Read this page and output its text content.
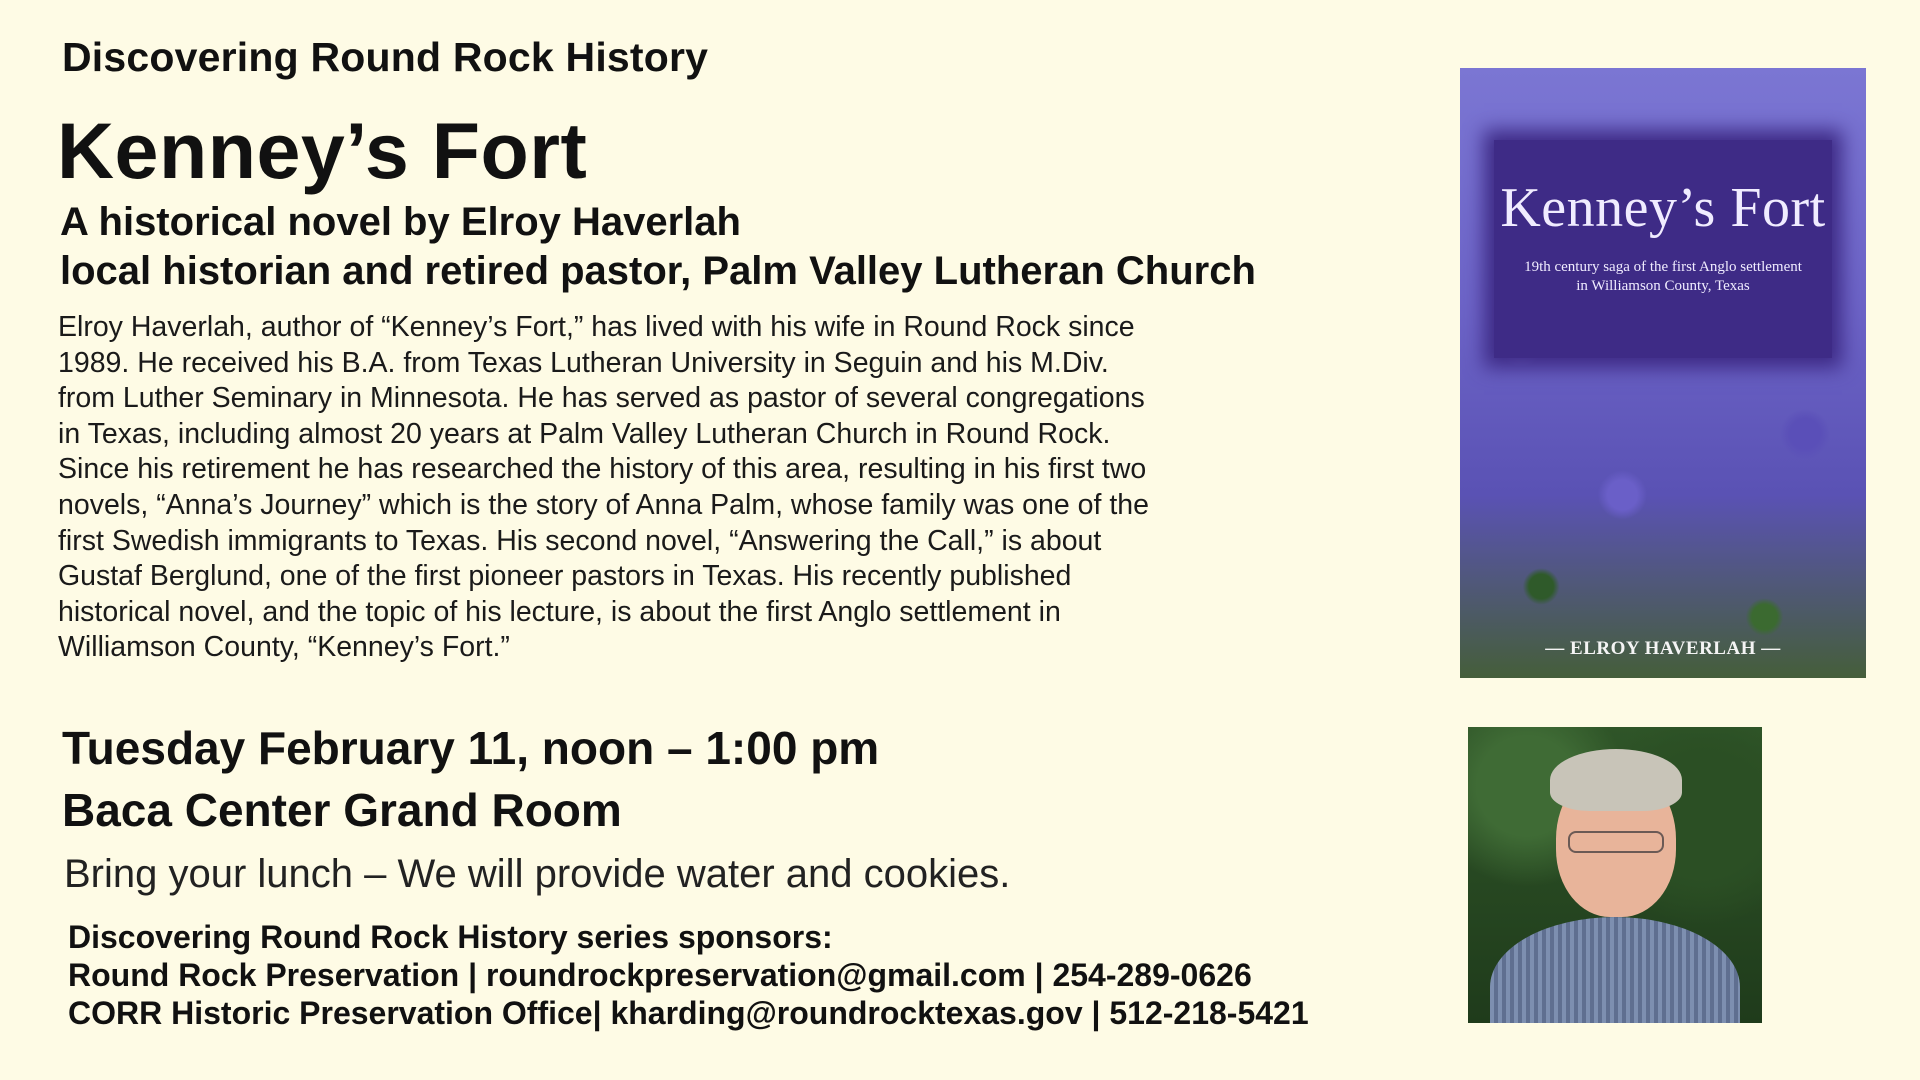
Discovering Round Rock History
Kenney’s Fort
A historical novel by Elroy Haverlah
local historian and retired pastor, Palm Valley Lutheran Church
Elroy Haverlah, author of “Kenney’s Fort,” has lived with his wife in Round Rock since
1989. He received his B.A. from Texas Lutheran University in Seguin and his M.Div.
from Luther Seminary in Minnesota. He has served as pastor of several congregations
in Texas, including almost 20 years at Palm Valley Lutheran Church in Round Rock.
Since his retirement he has researched the history of this area, resulting in his first two
novels, “Anna’s Journey” which is the story of Anna Palm, whose family was one of the
first Swedish immigrants to Texas. His second novel, “Answering the Call,” is about
Gustaf Berglund, one of the first pioneer pastors in Texas. His recently published
historical novel, and the topic of his lecture, is about the first Anglo settlement in
Williamson County, “Kenney’s Fort.”
Tuesday February 11, noon – 1:00 pm
Baca Center Grand Room
Bring your lunch – We will provide water and cookies.
Discovering Round Rock History series sponsors:
Round Rock Preservation | roundrockpreservation@gmail.com | 254-289-0626
CORR Historic Preservation Office| kharding@roundrocktexas.gov | 512-218-5421
Kenney’s Fort
19th century saga of the first Anglo settlement
in Williamson County, Texas
— ELROY HAVERLAH —
